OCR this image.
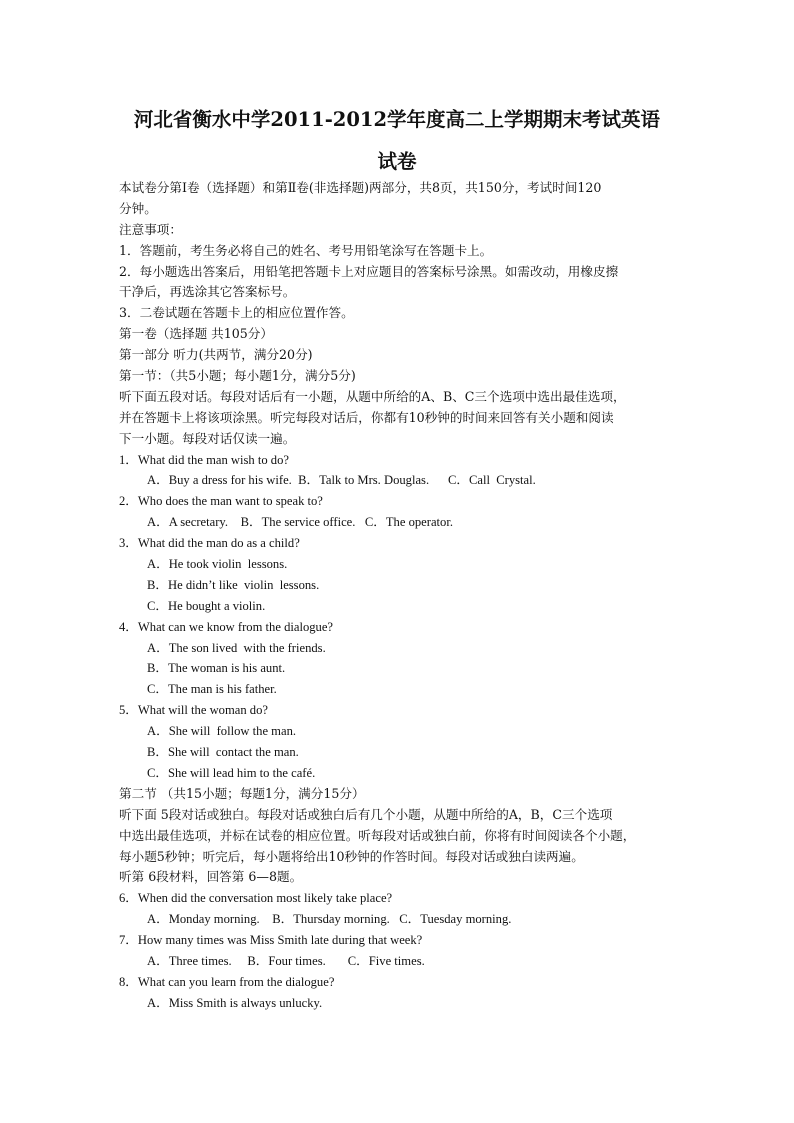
河北省衡水中学2011-2012学年度高二上学期期末考试英语
试卷
本试卷分第Ⅰ卷（选择题）和第Ⅱ卷(非选择题)两部分，共8页，共150分，考试时间120
分钟。
注意事项：
1．答题前，考生务必将自己的姓名、考号用铅笔涂写在答题卡上。
2．每小题选出答案后，用铅笔把答题卡上对应题目的答案标号涂黑。如需改动，用橡皮擦
干净后，再选涂其它答案标号。
3．二卷试题在答题卡上的相应位置作答。
第一卷（选择题 共105分）
第一部分 听力(共两节，满分20分)
第一节：（共5小题；每小题1分，满分5分)
听下面五段对话。每段对话后有一小题，从题中所给的A、B、C三个选项中选出最佳选项，
并在答题卡上将该项涂黑。听完每段对话后，你都有10秒钟的时间来回答有关小题和阅读
下一小题。每段对话仅读一遍。
1．What did the man wish to do?
A．Buy a dress for his wife.  B．Talk to Mrs. Douglas.      C．Call  Crystal.
2．Who does the man want to speak to?
A．A secretary.    B．The service office.   C．The operator.
3．What did the man do as a child?
A．He took violin  lessons.
B．He didn’t like  violin  lessons.
C．He bought a violin.
4．What can we know from the dialogue?
A．The son lived  with the friends.
B．The woman is his aunt.
C．The man is his father.
5．What will the woman do?
A．She will  follow the man.
B．She will  contact the man.
C．She will lead him to the café.
第二节 （共15小题；每题1分，满分15分）
听下面 5段对话或独白。每段对话或独白后有几个小题，从题中所给的A，B，C三个选项
中选出最佳选项，并标在试卷的相应位置。听每段对话或独白前，你将有时间阅读各个小题，
每小题5秒钟；听完后，每小题将给出10秒钟的作答时间。每段对话或独白读两遍。
听第 6段材料，回答第 6—8题。
6．When did the conversation most likely take place?
A．Monday morning.    B．Thursday morning.   C．Tuesday morning.
7．How many times was Miss Smith late during that week?
A．Three times.     B．Four times.       C．Five times.
8．What can you learn from the dialogue?
A．Miss Smith is always unlucky.
